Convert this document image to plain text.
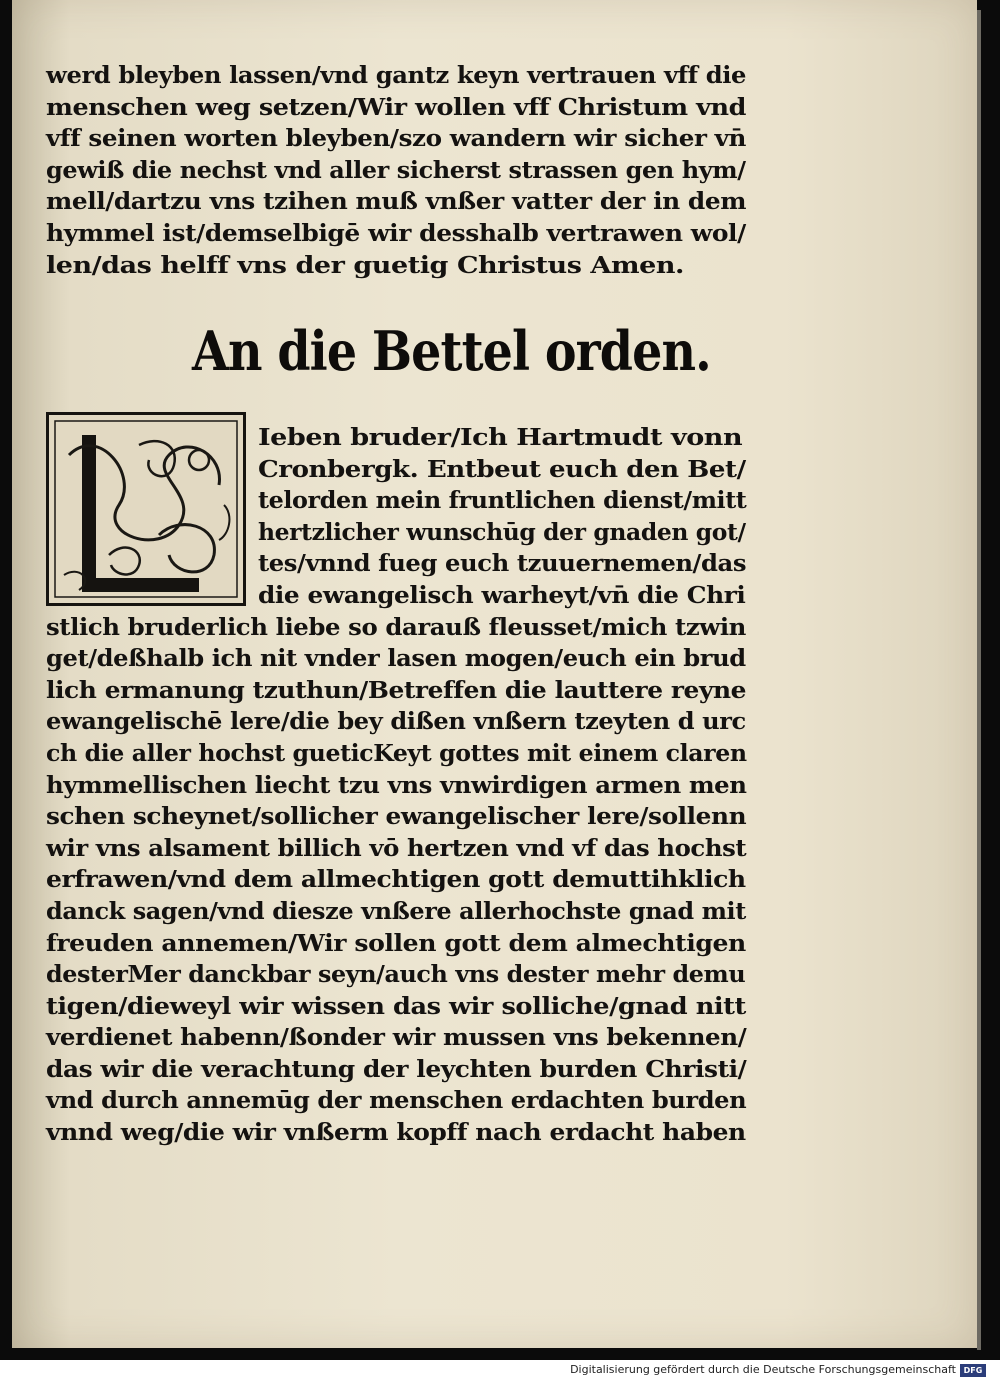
werd bleyben lassen/vnd gantz keyn vertrauen vff die
menschen weg setzen/Wir wollen vff Christum vnd
vff seinen worten bleyben/szo wandern wir sicher vn̄
gewiß die nechst vnd aller sicherst strassen gen hym/
mell/dartzu vns tzihen muß vnßer vatter der in dem
hymmel ist/demselbigē wir desshalb vertrawen wol/
len/das helff vns der guetig Christus Amen.
An die Bettel orden.
Ieben bruder/Ich Hartmudt vonn
Cronbergk. Entbeut euch den Bet/
telorden mein fruntlichen dienst/mitt
hertzlicher wunschūg der gnaden got/
tes/vnnd fueg euch tzuuernemen/das
die ewangelisch warheyt/vn̄ die Chri
stlich bruderlich liebe so darauß fleusset/mich tzwin
get/deßhalb ich nit vnder lasen mogen/euch ein brud
lich ermanung tzuthun/Betreffen die lauttere reyne
ewangelischē lere/die bey dißen vnßern tzeyten d urc
ch die aller hochst gueticKeyt gottes mit einem claren
hymmellischen liecht tzu vns vnwirdigen armen men
schen scheynet/sollicher ewangelischer lere/sollenn
wir vns alsament billich vō hertzen vnd vf das hochst
erfrawen/vnd dem allmechtigen gott demuttihklich
danck sagen/vnd diesze vnßere allerhochste gnad mit
freuden annemen/Wir sollen gott dem almechtigen
desterMer danckbar seyn/auch vns dester mehr demu
tigen/dieweyl wir wissen das wir solliche/gnad nitt
verdienet habenn/ßonder wir mussen vns bekennen/
das wir die verachtung der leychten burden Christi/
vnd durch annemūg der menschen erdachten burden
vnnd weg/die wir vnßerm kopff nach erdacht haben
Digitalisierung gefördert durch die Deutsche Forschungsgemeinschaft DFG
